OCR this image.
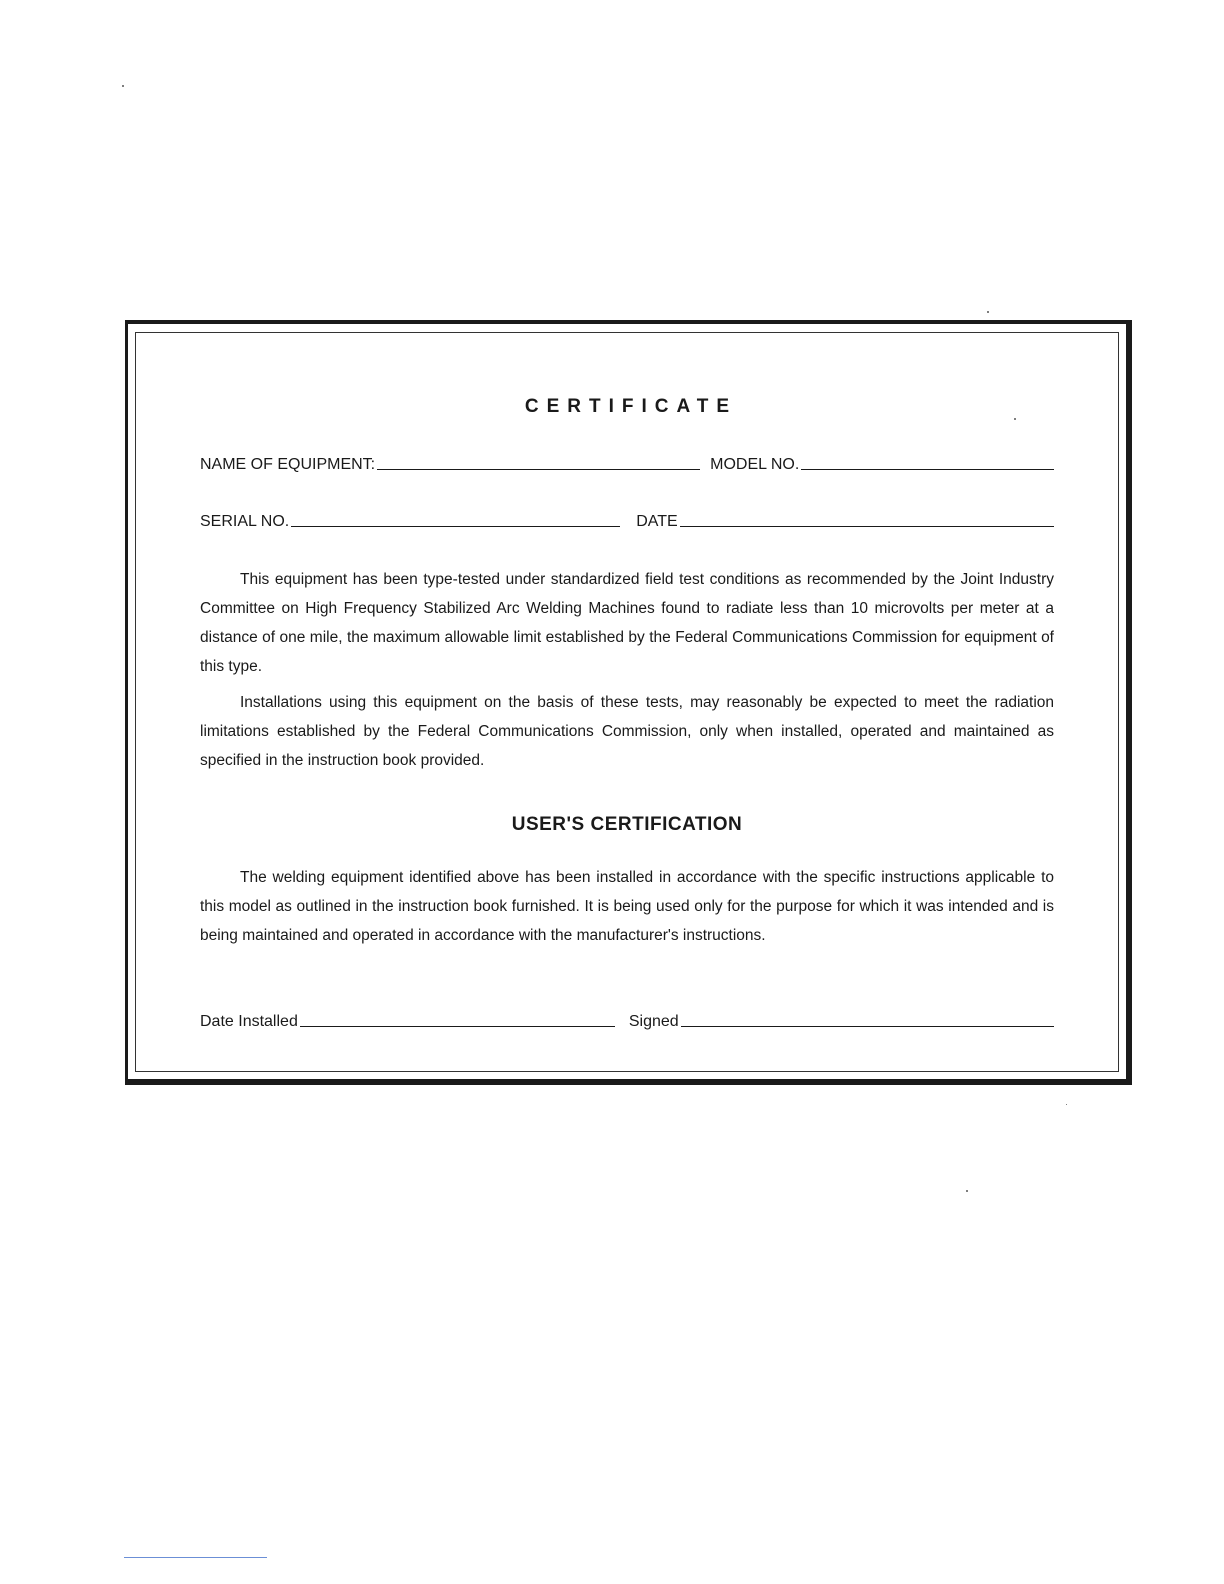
CERTIFICATE
NAME OF EQUIPMENT:	MODEL NO.
SERIAL NO.	DATE

This equipment has been type-tested under standardized field test conditions as recommended by the Joint Industry Committee on High Frequency Stabilized Arc Welding Machines found to radiate less than 10 microvolts per meter at a distance of one mile, the maximum allowable limit established by the Federal Communications Commission for equipment of this type.

Installations using this equipment on the basis of these tests, may reasonably be expected to meet the radiation limitations established by the Federal Communications Commission, only when installed, operated and maintained as specified in the instruction book provided.

USER'S CERTIFICATION

The welding equipment identified above has been installed in accordance with the specific instructions applicable to this model as outlined in the instruction book furnished. It is being used only for the purpose for which it was intended and is being maintained and operated in accordance with the manufacturer's instructions.

Date Installed	Signed
